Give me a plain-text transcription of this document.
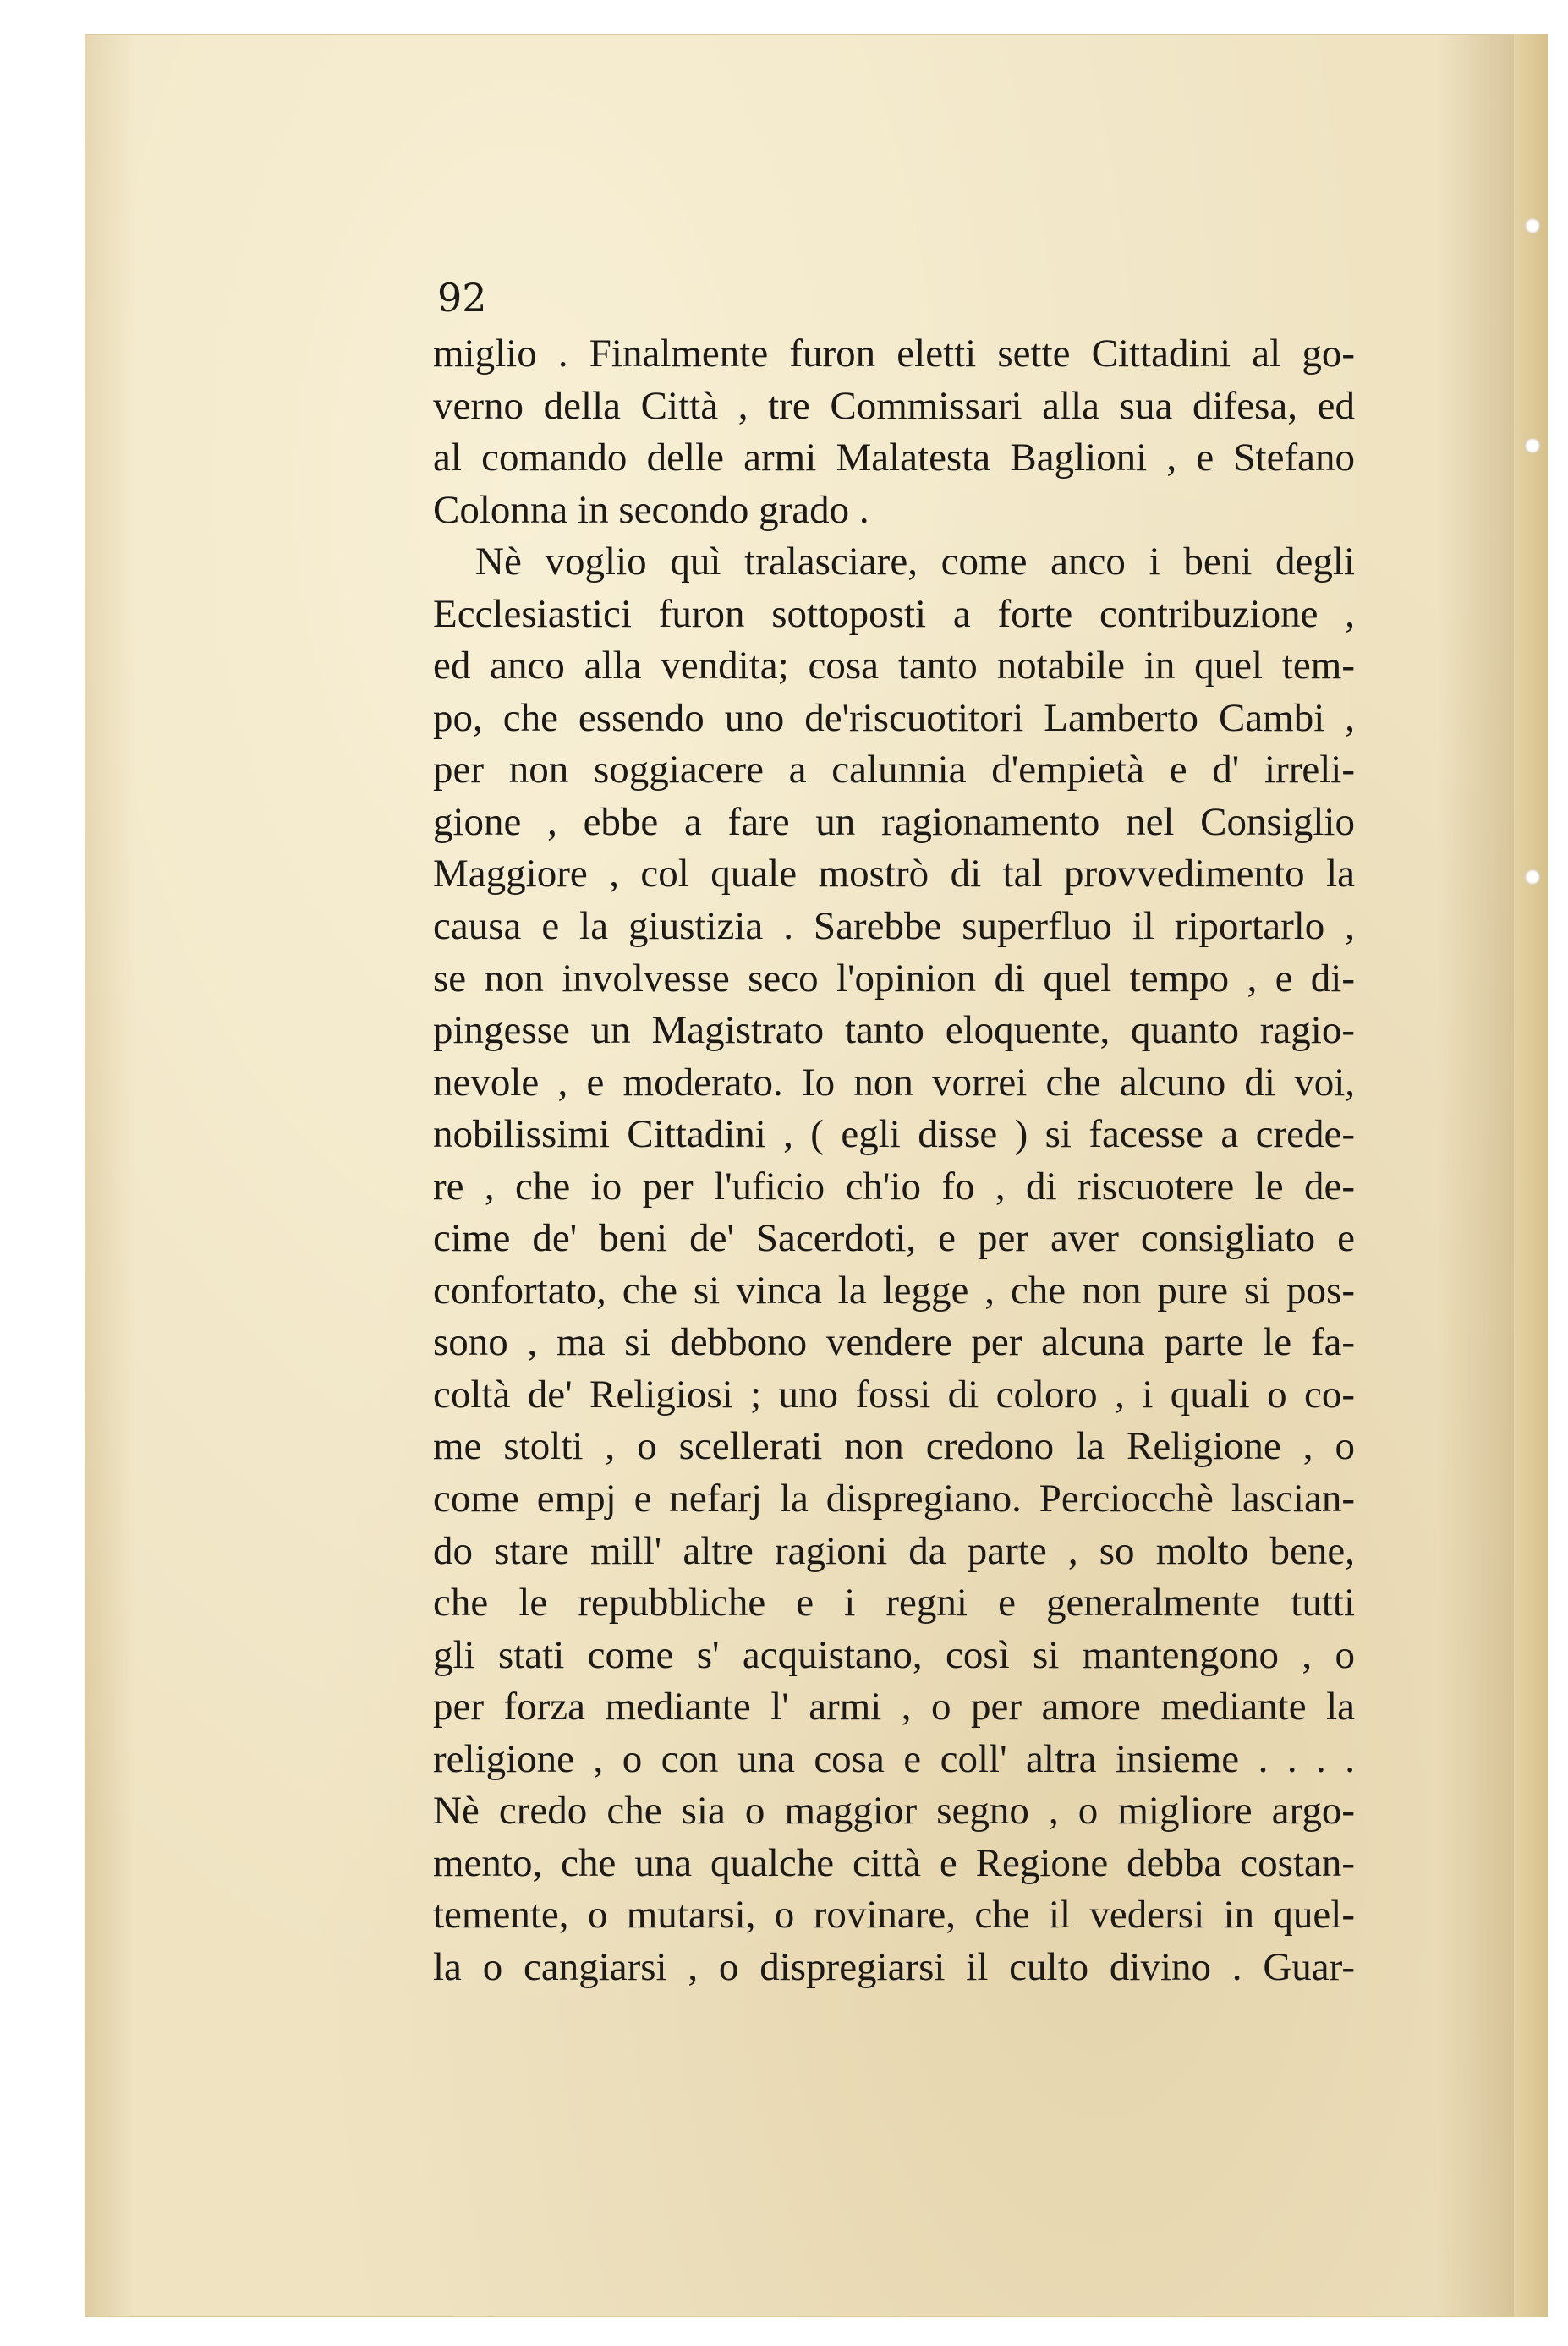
92
miglio . Finalmente furon eletti sette Cittadini al go-
verno della Città , tre Commissari alla sua difesa, ed
al comando delle armi Malatesta Baglioni , e Stefano
Colonna in secondo grado .
Nè voglio quì tralasciare, come anco i beni degli
Ecclesiastici furon sottoposti a forte contribuzione ,
ed anco alla vendita; cosa tanto notabile in quel tem-
po, che essendo uno de'riscuotitori Lamberto Cambi ,
per non soggiacere a calunnia d'empietà e d' irreli-
gione , ebbe a fare un ragionamento nel Consiglio
Maggiore , col quale mostrò di tal provvedimento la
causa e la giustizia . Sarebbe superfluo il riportarlo ,
se non involvesse seco l'opinion di quel tempo , e di-
pingesse un Magistrato tanto eloquente, quanto ragio-
nevole , e moderato. Io non vorrei che alcuno di voi,
nobilissimi Cittadini , ( egli disse ) si facesse a crede-
re , che io per l'uficio ch'io fo , di riscuotere le de-
cime de' beni de' Sacerdoti, e per aver consigliato e
confortato, che si vinca la legge , che non pure si pos-
sono , ma si debbono vendere per alcuna parte le fa-
coltà de' Religiosi ; uno fossi di coloro , i quali o co-
me stolti , o scellerati non credono la Religione , o
come empj e nefarj la dispregiano. Perciocchè lascian-
do stare mill' altre ragioni da parte , so molto bene,
che le repubbliche e i regni e generalmente tutti
gli stati come s' acquistano, così si mantengono , o
per forza mediante l' armi , o per amore mediante la
religione , o con una cosa e coll' altra insieme . . . .
Nè credo che sia o maggior segno , o migliore argo-
mento, che una qualche città e Regione debba costan-
temente, o mutarsi, o rovinare, che il vedersi in quel-
la o cangiarsi , o dispregiarsi il culto divino . Guar-
